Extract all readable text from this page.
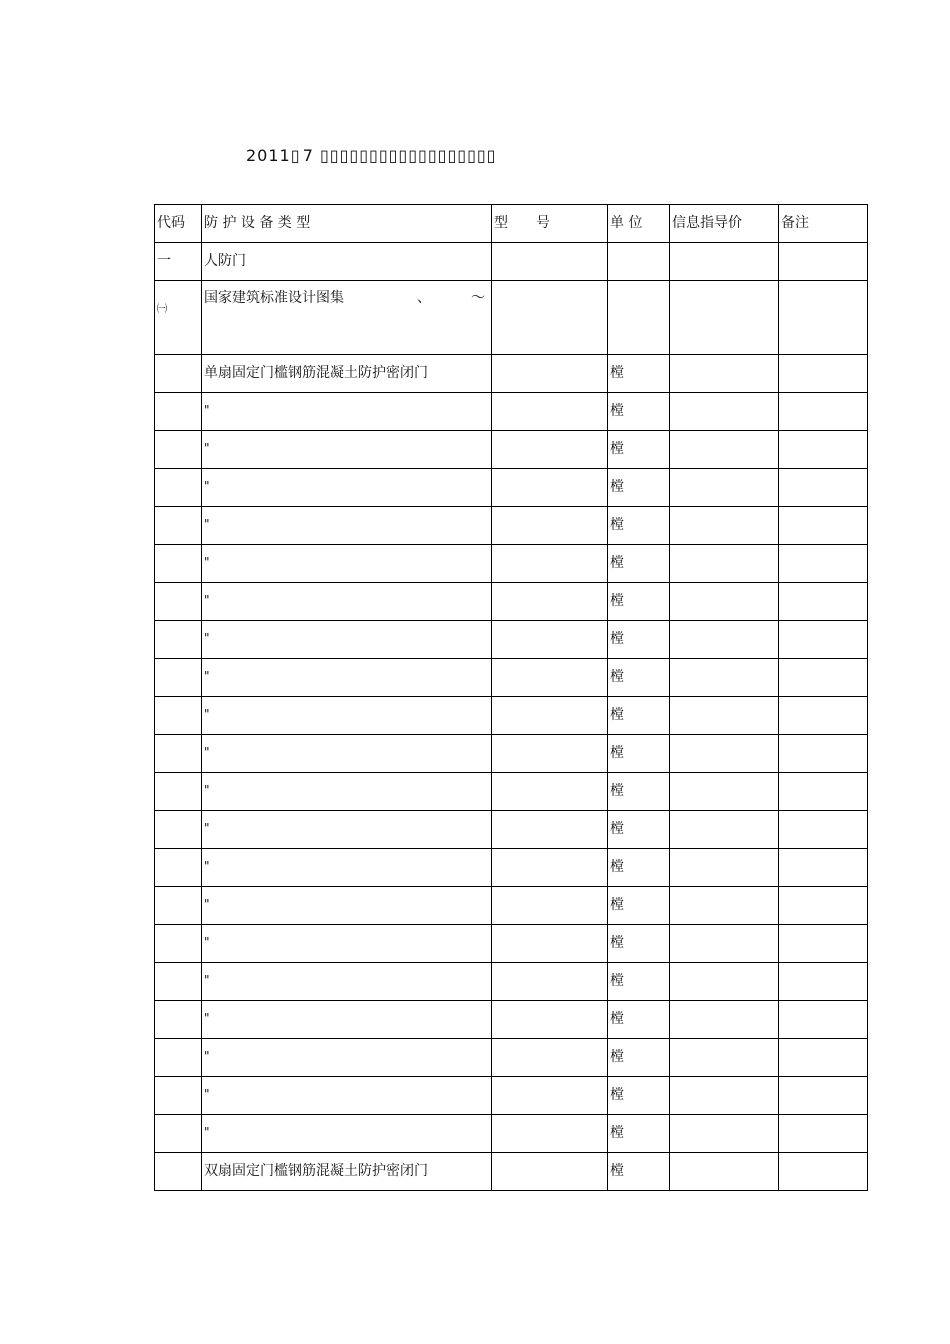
2011▯ 7 ▯▯▯▯▯▯▯▯▯▯▯▯▯▯▯▯▯▯
代码	防 护 设 备 类 型	型 号	单 位	信息指导价	备注
一	人防门				

㈠	国家建筑标准设计图集 、 ～				

	单扇固定门槛钢筋混凝土防护密闭门		樘		
	"		樘		
	"		樘		
	"		樘		
	"		樘		
	"		樘		
	"		樘		
	"		樘		
	"		樘		
	"		樘		
	"		樘		
	"		樘		
	"		樘		
	"		樘		
	"		樘		
	"		樘		
	"		樘		
	"		樘		
	"		樘		
	"		樘		
	"		樘		
	双扇固定门槛钢筋混凝土防护密闭门		樘		
